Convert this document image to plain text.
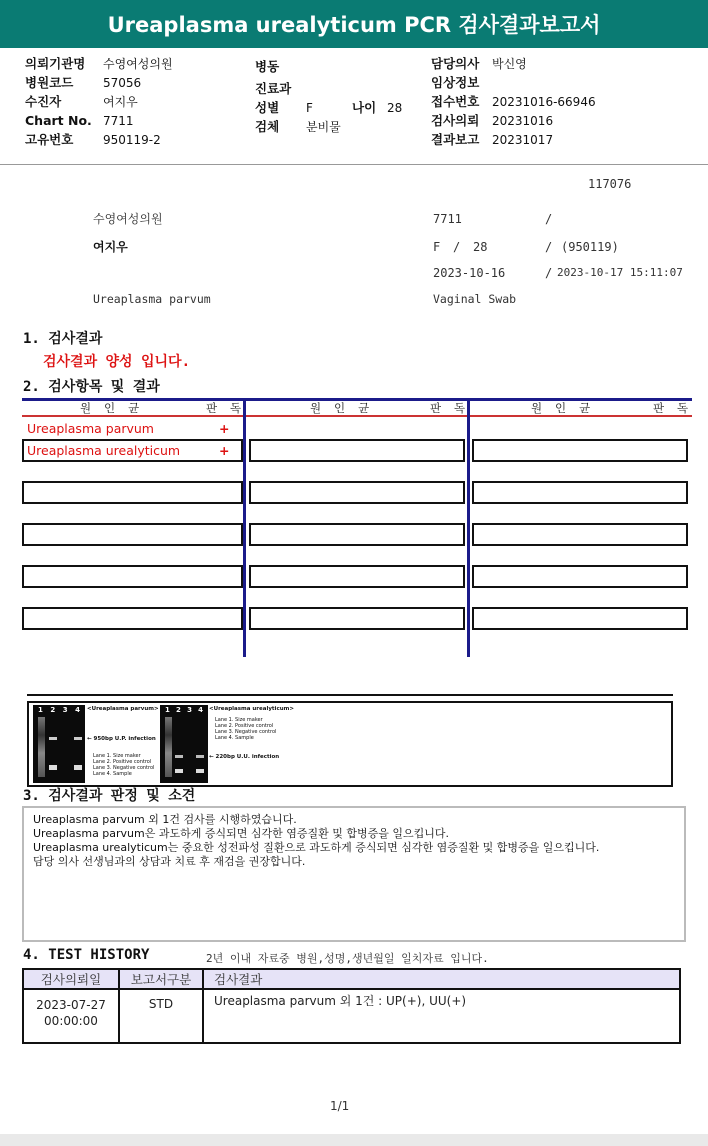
Ureaplasma urealyticum PCR 검사결과보고서
의뢰기관명	수영여성의원
병원코드	57056
수진자	여지우
Chart No. 7711
고유번호	950119-2
병동
진료과
성별 F	나이 28
검체 분비물
담당의사	박신영
임상정보
접수번호	20231016-66946
검사의뢰	20231016
결과보고	20231017
117076
수영여성의원	7711	/
여지우	F / 28	/ (950119)
2023-10-16	/ 2023-10-17 15:11:07
Ureaplasma parvum	Vaginal Swab
1. 검사결과
검사결과 양성 입니다.
2. 검사항목 및 결과
원 인 균	판 독	원 인 균	판 독	원 인 균	판 독
Ureaplasma parvum	+
Ureaplasma urealyticum	+
1 2 3 4 <Ureaplasma parvum>
← 950bp U.P. infection
Lane 1. Size maker
Lane 2. Positive control
Lane 3. Negative control
Lane 4. Sample
1 2 3 4 <Ureaplasma urealyticum>
Lane 1. Size maker
Lane 2. Positive control
Lane 3. Negative control
Lane 4. Sample
← 220bp U.U. infection
3. 검사결과 판정 및 소견
Ureaplasma parvum 외 1건 검사를 시행하였습니다.
Ureaplasma parvum은 과도하게 증식되면 심각한 염증질환 및 합병증을 일으킵니다.
Ureaplasma urealyticum는 중요한 성전파성 질환으로 과도하게 증식되면 심각한 염증질환 및 합병증을 일으킵니다.
담당 의사 선생님과의 상담과 치료 후 재검을 권장합니다.
4. TEST HISTORY	2년 이내 자료중 병원,성명,생년월일 일치자료 입니다.
검사의뢰일	보고서구분	검사결과

2023-07-27
00:00:00	STD	Ureaplasma parvum 외 1건 : UP(+), UU(+)
1/1
